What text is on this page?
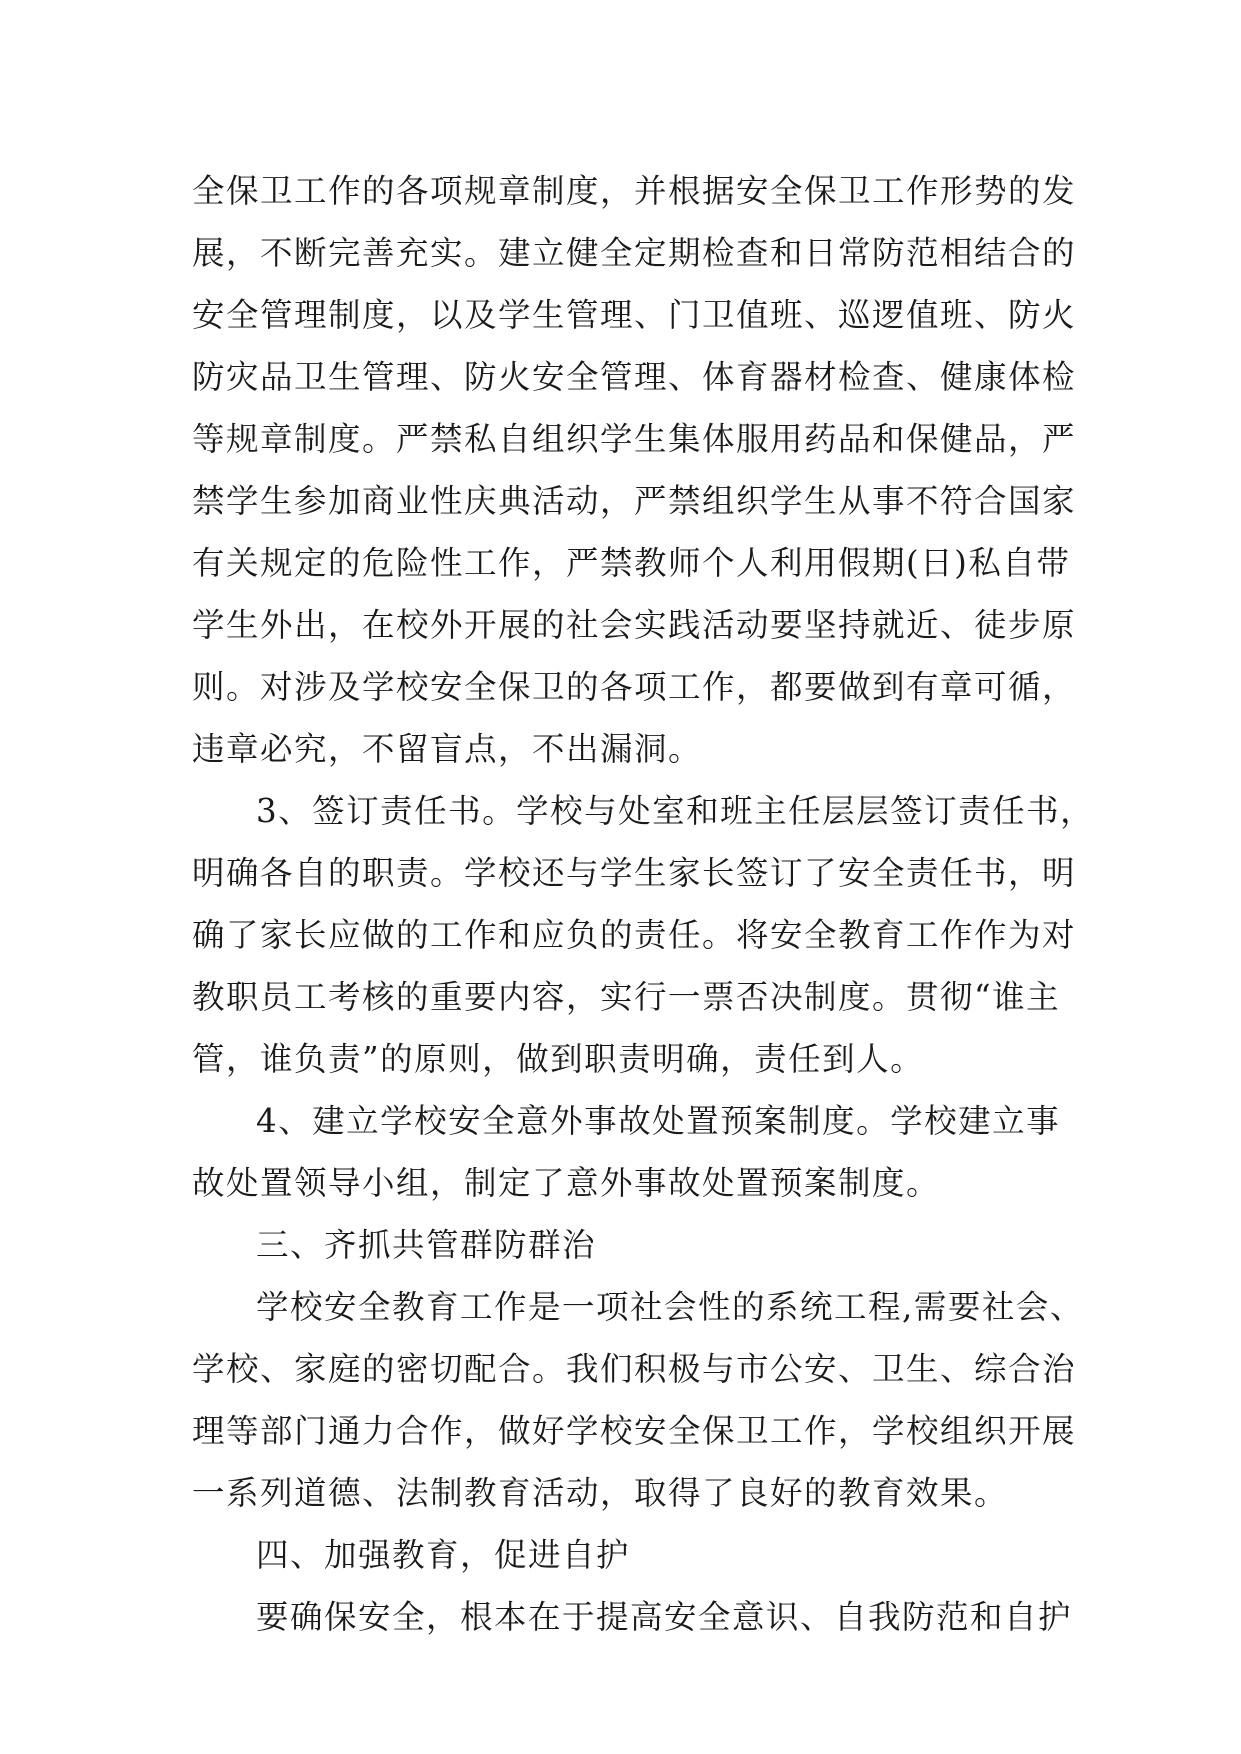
全保卫工作的各项规章制度，并根据安全保卫工作形势的发
展，不断完善充实。建立健全定期检查和日常防范相结合的
安全管理制度，以及学生管理、门卫值班、巡逻值班、防火
防灾品卫生管理、防火安全管理、体育器材检查、健康体检
等规章制度。严禁私自组织学生集体服用药品和保健品，严
禁学生参加商业性庆典活动，严禁组织学生从事不符合国家
有关规定的危险性工作，严禁教师个人利用假期(日)私自带
学生外出，在校外开展的社会实践活动要坚持就近、徒步原
则。对涉及学校安全保卫的各项工作，都要做到有章可循，
违章必究，不留盲点，不出漏洞。
3、签订责任书。学校与处室和班主任层层签订责任书，
明确各自的职责。学校还与学生家长签订了安全责任书，明
确了家长应做的工作和应负的责任。将安全教育工作作为对
教职员工考核的重要内容，实行一票否决制度。贯彻“谁主
管，谁负责”的原则，做到职责明确，责任到人。
4、建立学校安全意外事故处置预案制度。学校建立事
故处置领导小组，制定了意外事故处置预案制度。
三、齐抓共管群防群治
学校安全教育工作是一项社会性的系统工程,需要社会、
学校、家庭的密切配合。我们积极与市公安、卫生、综合治
理等部门通力合作，做好学校安全保卫工作，学校组织开展
一系列道德、法制教育活动，取得了良好的教育效果。
四、加强教育，促进自护
要确保安全，根本在于提高安全意识、自我防范和自护
